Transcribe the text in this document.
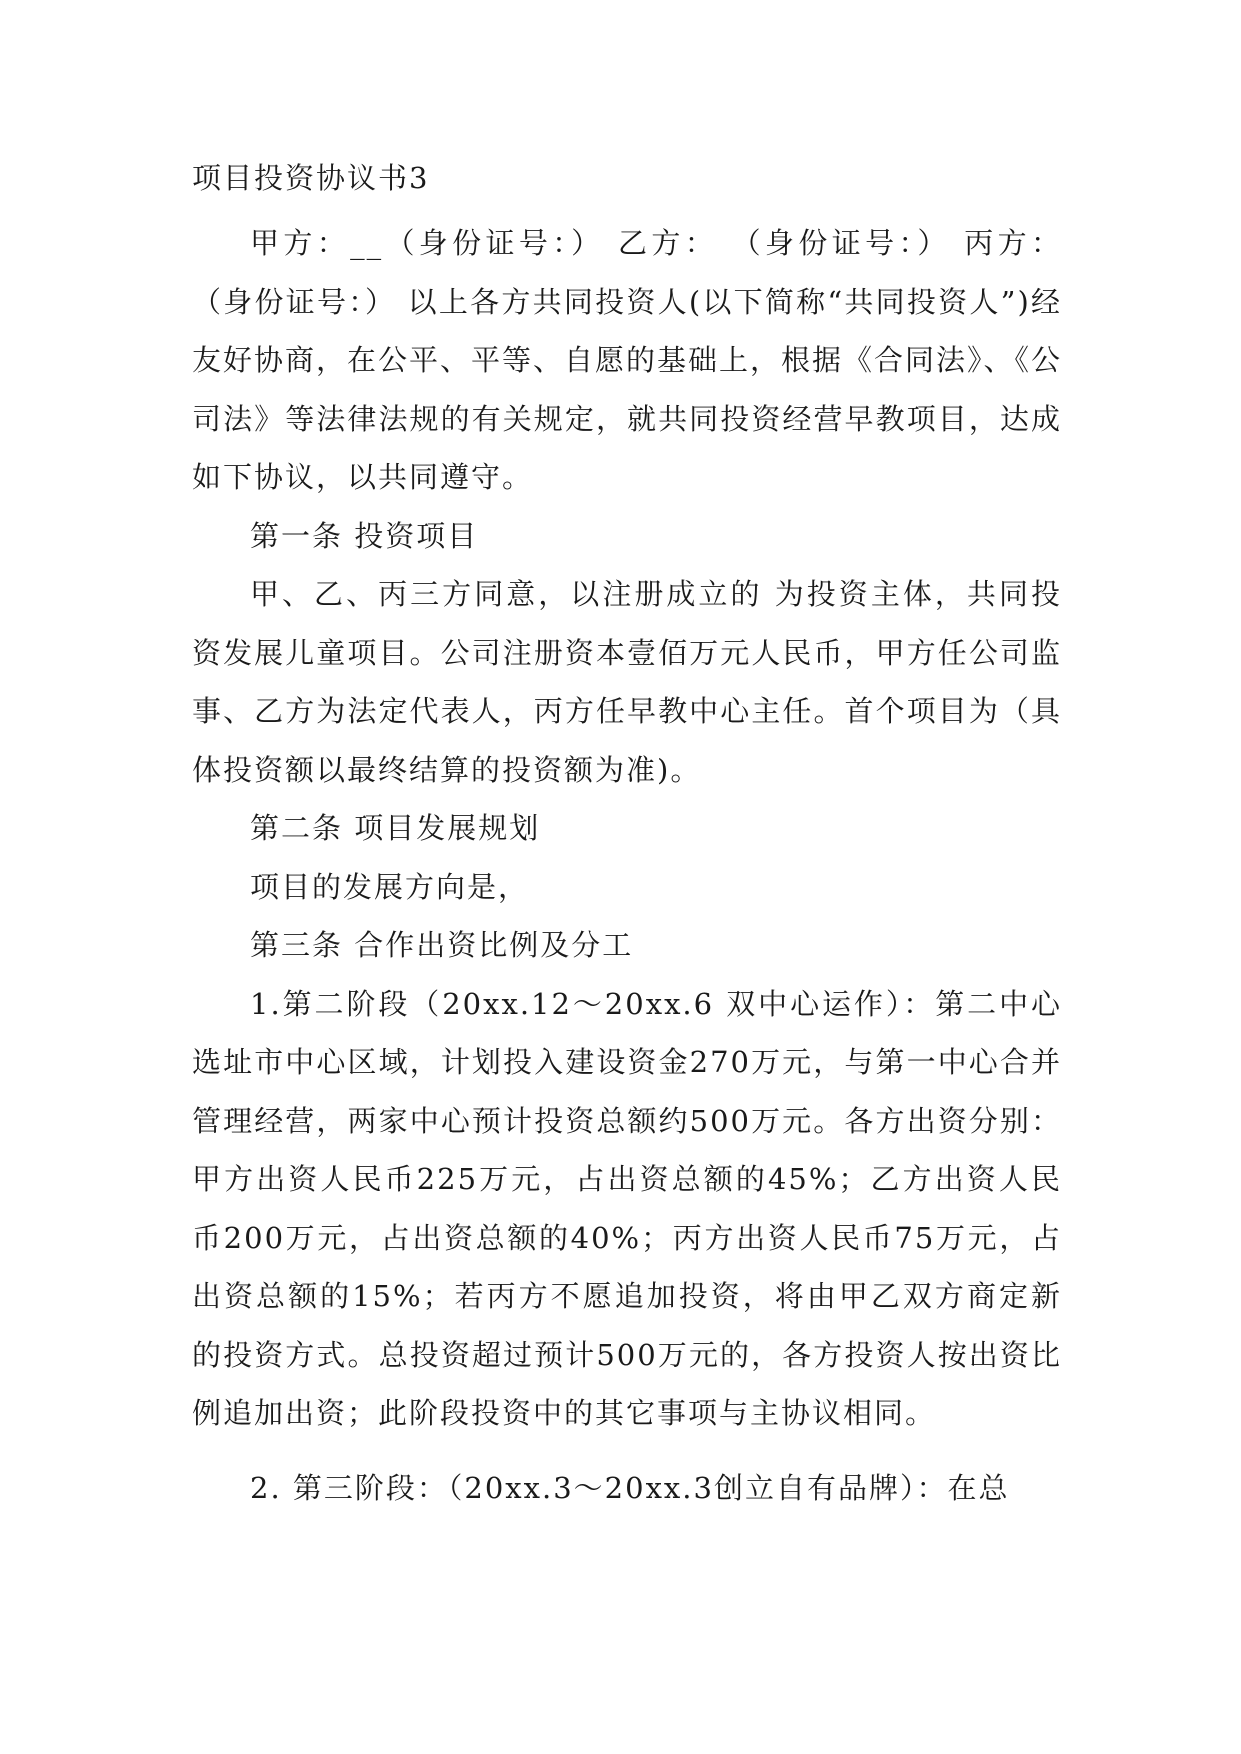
项目投资协议书3

甲方：__（身份证号：） 乙方： （身份证号：） 丙方： （身份证号：） 以上各方共同投资人(以下简称“共同投资人”)经友好协商，在公平、平等、自愿的基础上，根据《合同法》、《公司法》等法律法规的有关规定，就共同投资经营早教项目，达成如下协议，以共同遵守。

第一条 投资项目

甲、乙、丙三方同意，以注册成立的 为投资主体，共同投资发展儿童项目。公司注册资本壹佰万元人民币，甲方任公司监事、乙方为法定代表人，丙方任早教中心主任。首个项目为（具体投资额以最终结算的投资额为准)。

第二条 项目发展规划

项目的发展方向是，

第三条 合作出资比例及分工

1.第二阶段（20xx.12～20xx.6 双中心运作）：第二中心选址市中心区域，计划投入建设资金270万元，与第一中心合并管理经营，两家中心预计投资总额约500万元。各方出资分别：甲方出资人民币225万元，占出资总额的45%；乙方出资人民币200万元，占出资总额的40%；丙方出资人民币75万元，占出资总额的15%；若丙方不愿追加投资，将由甲乙双方商定新的投资方式。总投资超过预计500万元的，各方投资人按出资比例追加出资；此阶段投资中的其它事项与主协议相同。

2. 第三阶段：（20xx.3～20xx.3创立自有品牌）：在总
